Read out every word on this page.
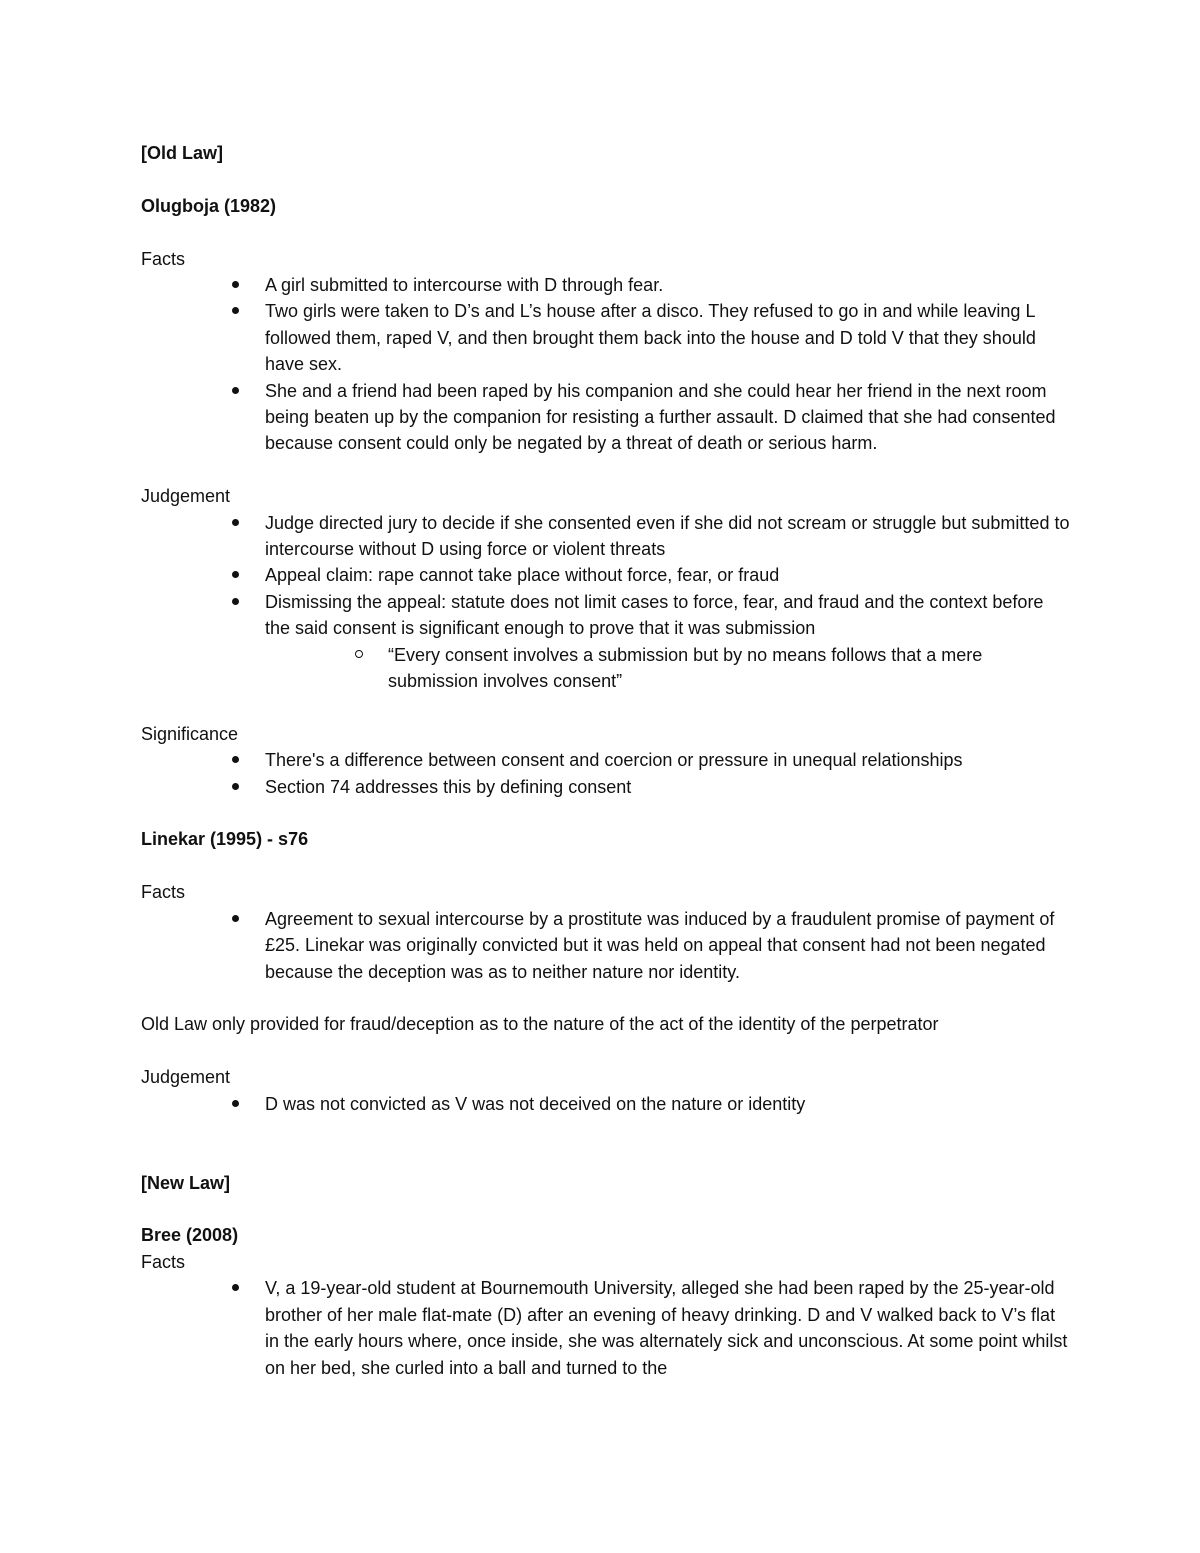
[Old Law]

Olugboja (1982)

Facts

A girl submitted to intercourse with D through fear.
Two girls were taken to D’s and L’s house after a disco. They refused to go in and while leaving L followed them, raped V, and then brought them back into the house and D told V that they should have sex.
She and a friend had been raped by his companion and she could hear her friend in the next room being beaten up by the companion for resisting a further assault. D claimed that she had consented because consent could only be negated by a threat of death or serious harm.

Judgement

Judge directed jury to decide if she consented even if she did not scream or struggle but submitted to intercourse without D using force or violent threats
Appeal claim: rape cannot take place without force, fear, or fraud
Dismissing the appeal: statute does not limit cases to force, fear, and fraud and the context before the said consent is significant enough to prove that it was submission
“Every consent involves a submission but by no means follows that a mere submission involves consent”

Significance

There's a difference between consent and coercion or pressure in unequal relationships
Section 74 addresses this by defining consent

Linekar (1995) - s76

Facts

Agreement to sexual intercourse by a prostitute was induced by a fraudulent promise of payment of £25. Linekar was originally convicted but it was held on appeal that consent had not been negated because the deception was as to neither nature nor identity.

Old Law only provided for fraud/deception as to the nature of the act of the identity of the perpetrator

Judgement

D was not convicted as V was not deceived on the nature or identity

[New Law]

Bree (2008)

Facts

V, a 19-year-old student at Bournemouth University, alleged she had been raped by the 25-year-old brother of her male flat-mate (D) after an evening of heavy drinking. D and V walked back to V’s flat in the early hours where, once inside, she was alternately sick and unconscious. At some point whilst on her bed, she curled into a ball and turned to the
